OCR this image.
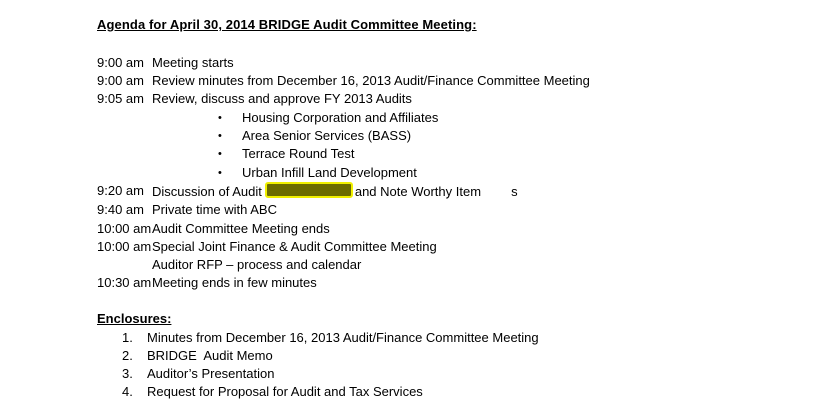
Agenda for April 30, 2014 BRIDGE Audit Committee Meeting:
9:00 am Meeting starts
9:00 am Review minutes from December 16, 2013 Audit/Finance Committee Meeting
9:05 am Review, discuss and approve FY 2013 Audits
•	Housing Corporation and Affiliates
•	Area Senior Services (BASS)
•	Terrace Round Test
•	Urban Infill Land Development
9:20 am Discussion of Audit	and Note Worthy Item s
9:40 am Private time with ABC
10:00 am Audit Committee Meeting ends
10:00 am Special Joint Finance & Audit Committee Meeting
Auditor RFP – process and calendar
10:30 am Meeting ends in few minutes
Enclosures:
1.	Minutes from December 16, 2013 Audit/Finance Committee Meeting
2.	BRIDGE  Audit Memo
3.	Auditor’s Presentation
4.	Request for Proposal for Audit and Tax Services
